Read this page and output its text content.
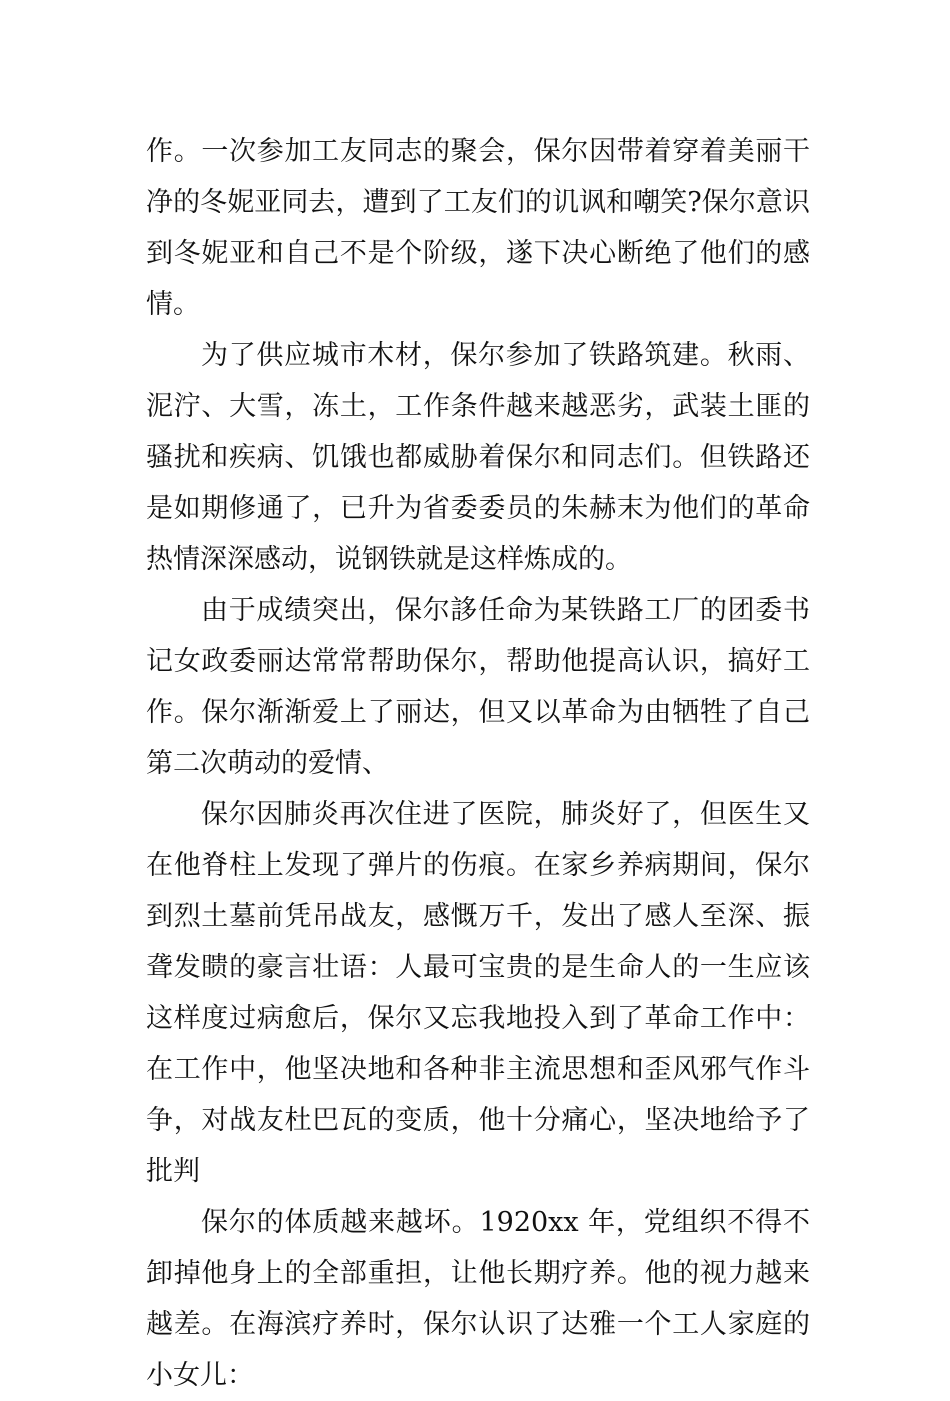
作。一次参加工友同志的聚会，保尔因带着穿着美丽干净的冬妮亚同去，遭到了工友们的讥讽和嘲笑?保尔意识到冬妮亚和自己不是个阶级，遂下决心断绝了他们的感情。

为了供应城市木材，保尔参加了铁路筑建。秋雨、泥泞、大雪，冻土，工作条件越来越恶劣，武装土匪的骚扰和疾病、饥饿也都威胁着保尔和同志们。但铁路还是如期修通了，已升为省委委员的朱赫末为他们的革命热情深深感动，说钢铁就是这样炼成的。

由于成绩突出，保尔誃任命为某铁路工厂的团委书记女政委丽达常常帮助保尔，帮助他提高认识，搞好工作。保尔渐渐爱上了丽达，但又以革命为由牺牲了自己第二次萌动的爱情、

保尔因肺炎再次住进了医院，肺炎好了，但医生又在他脊柱上发现了弹片的伤痕。在家乡养病期间，保尔到烈土墓前凭吊战友，感慨万千，发出了感人至深、振聋发瞆的豪言壮语：人最可宝贵的是生命人的一生应该这样度过病愈后，保尔又忘我地投入到了革命工作中：在工作中，他坚决地和各种非主流思想和歪风邪气作斗争，对战友杜巴瓦的变质，他十分痛心，坚决地给予了批判

保尔的体质越来越坏。1920xx 年，党组织不得不卸掉他身上的全部重担，让他长期疗养。他的视力越来越差。在海滨疗养时，保尔认识了达雅一个工人家庭的小女儿：
